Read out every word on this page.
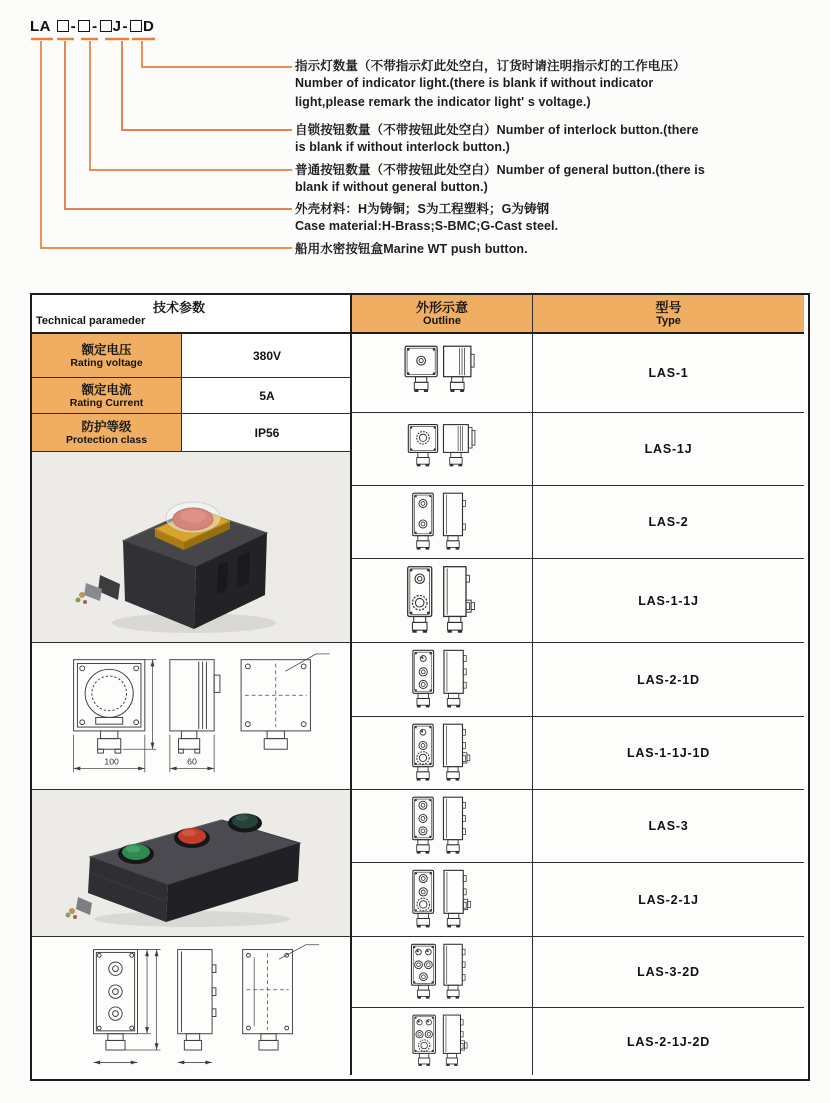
LA - - J- D
指示灯数量（不带指示灯此处空白，订货时请注明指示灯的工作电压）
Number of indicator light.(there is blank if without indicator
light,please remark the indicator light' s voltage.)
自锁按钮数量（不带按钮此处空白）Number of interlock button.(there
is blank if without interlock button.)
普通按钮数量（不带按钮此处空白）Number of general button.(there is
blank if without general button.)
外壳材料：H为铸铜；S为工程塑料；G为铸钢
Case material:H-Brass;S-BMC;G-Cast steel.
船用水密按钮盒Marine WT push button.
技术参数
Technical parameder
外形示意
Outline
型号
Type
额定电压
Rating voltage	380V
额定电流
Rating Current	5A
防护等级
Protection class	IP56
100	60
LAS-1
LAS-1J
LAS-2
LAS-1-1J
LAS-2-1D
LAS-1-1J-1D
LAS-3
LAS-2-1J
LAS-3-2D
LAS-2-1J-2D
